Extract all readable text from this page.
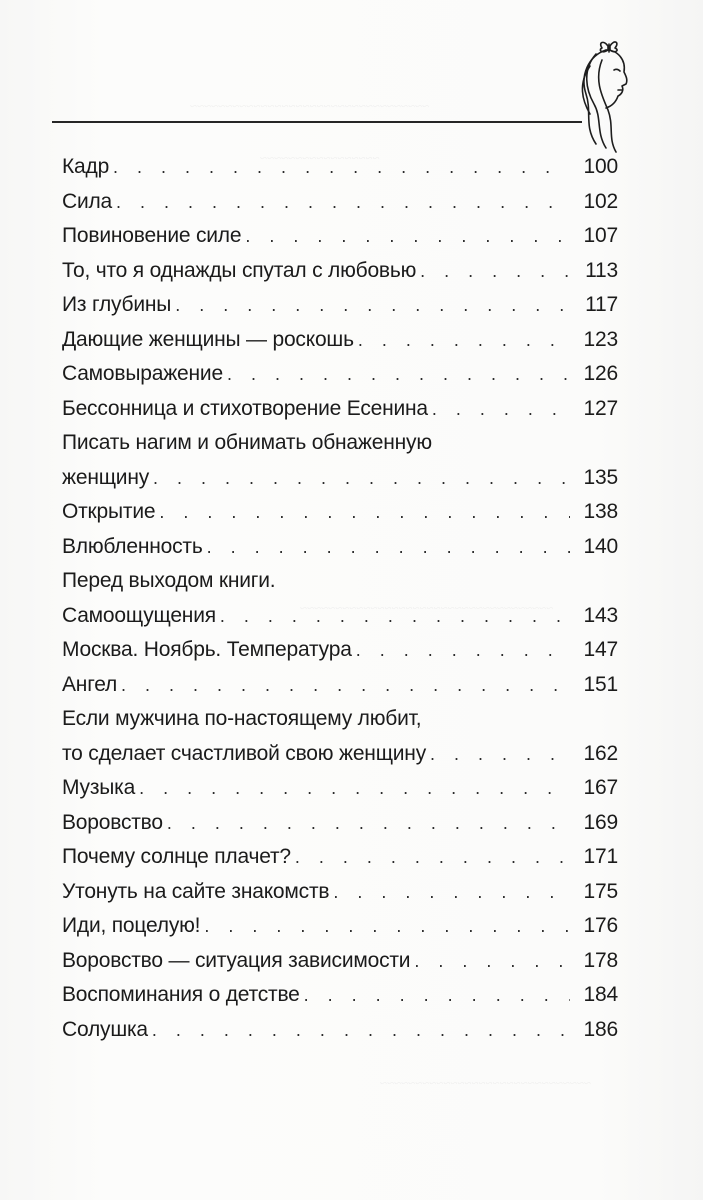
~~~~~~~~~~~~~~~~~~~~~~~~~~~~~~~~~~
~~~~~~~~~~~~~~~~~
~~~~~~~~~~~~~~~~~~~~~~~~~~~~~~~~~~~~
~~~~~~~~~~~~~~~~~~~~~~~~~~~~~~
Кадр . . .	100
Сила . . .	102
Повиновение силе . . .	107
То, что я однажды спутал с любовью . . .	113
Из глубины . . .	117
Дающие женщины — роскошь . . .	123
Самовыражение . . .	126
Бессонница и стихотворение Есенина . . .	127
Писать нагим и обнимать обнаженную
женщину . . .	135
Открытие . . .	138
Влюбленность . . .	140
Перед выходом книги.
Самоощущения . . .	143
Москва. Ноябрь. Температура . . .	147
Ангел . . .	151
Если мужчина по-настоящему любит,
то сделает счастливой свою женщину . . .	162
Музыка . . .	167
Воровство . . .	169
Почему солнце плачет? . . .	171
Утонуть на сайте знакомств . . .	175
Иди, поцелую! . . .	176
Воровство — ситуация зависимости . . .	178
Воспоминания о детстве . . .	184
Солушка . . .	186
